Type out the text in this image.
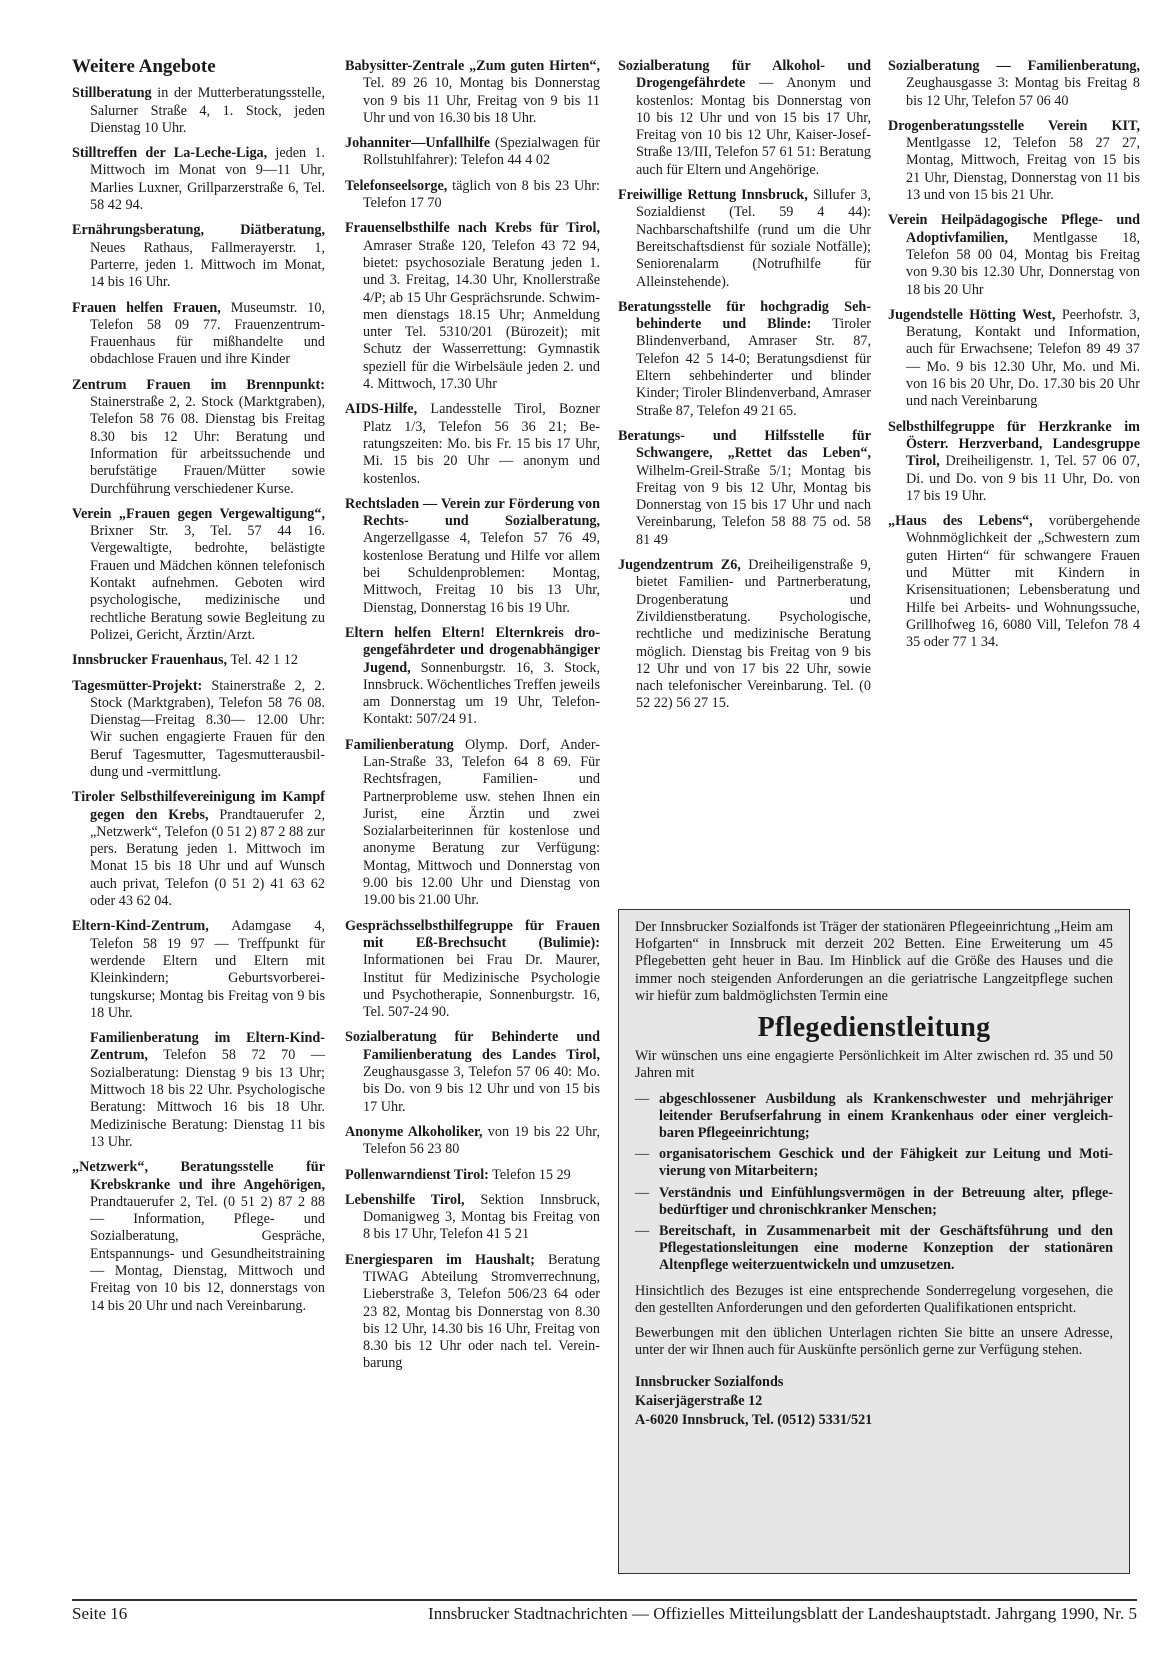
Weitere Angebote
Stillberatung in der Mutterberatungsstelle, Salurner Straße 4, 1. Stock, jeden Dienstag 10 Uhr.
Stilltreffen der La-Leche-Liga, jeden 1. Mittwoch im Monat von 9—11 Uhr, Marlies Luxner, Grillparzerstraße 6, Tel. 58 42 94.
Ernährungsberatung, Diätberatung, Neues Rathaus, Fallmerayerstr. 1, Parterre, jeden 1. Mittwoch im Monat, 14 bis 16 Uhr.
Frauen helfen Frauen, Museumstr. 10, Telefon 58 09 77. Frauenzentrum-Frauenhaus für mißhandelte und obdachlose Frauen und ihre Kinder
Zentrum Frauen im Brennpunkt: Stainerstraße 2, 2. Stock (Marktgraben), Telefon 58 76 08. Dienstag bis Freitag 8.30 bis 12 Uhr: Beratung und Information für arbeitssuchende und berufstätige Frauen/Mütter sowie Durchführung verschiedener Kurse.
Verein „Frauen gegen Vergewaltigung“, Brixner Str. 3, Tel. 57 44 16. Vergewaltigte, bedrohte, belästigte Frauen und Mädchen können telefonisch Kontakt aufnehmen. Geboten wird psychologische, medizinische und rechtliche Beratung sowie Begleitung zu Polizei, Gericht, Ärztin/Arzt.
Innsbrucker Frauenhaus, Tel. 42 1 12
Tagesmütter-Projekt: Stainerstraße 2, 2. Stock (Marktgraben), Telefon 58 76 08. Dienstag—Freitag 8.30— 12.00 Uhr: Wir suchen engagierte Frauen für den Beruf Tagesmutter, Tagesmutterausbildung und -vermittlung.
Tiroler Selbsthilfevereinigung im Kampf gegen den Krebs, Prandtauerufer 2, „Netzwerk“, Telefon (0 51 2) 87 2 88 zur pers. Beratung jeden 1. Mittwoch im Monat 15 bis 18 Uhr und auf Wunsch auch privat, Telefon (0 51 2) 41 63 62 oder 43 62 04.
Eltern-Kind-Zentrum, Adamgase 4, Telefon 58 19 97 — Treffpunkt für werdende Eltern und Eltern mit Kleinkindern; Geburtsvorbereitungskurse; Montag bis Freitag von 9 bis 18 Uhr.
Familienberatung im Eltern-Kind-Zentrum, Telefon 58 72 70 — Sozialberatung: Dienstag 9 bis 13 Uhr; Mittwoch 18 bis 22 Uhr. Psychologische Beratung: Mittwoch 16 bis 18 Uhr. Medizinische Beratung: Dienstag 11 bis 13 Uhr.
„Netzwerk“, Beratungsstelle für Krebskranke und ihre Angehörigen, Prandtauerufer 2, Tel. (0 51 2) 87 2 88 — Information, Pflege- und Sozialberatung, Gespräche, Entspannungs- und Gesundheitstraining — Montag, Dienstag, Mittwoch und Freitag von 10 bis 12, donnerstags von 14 bis 20 Uhr und nach Vereinbarung.
Babysitter-Zentrale „Zum guten Hirten“, Tel. 89 26 10, Montag bis Donnerstag von 9 bis 11 Uhr, Freitag von 9 bis 11 Uhr und von 16.30 bis 18 Uhr.
Johanniter—Unfallhilfe (Spezialwagen für Rollstuhlfahrer): Telefon 44 4 02
Telefonseelsorge, täglich von 8 bis 23 Uhr: Telefon 17 70
Frauenselbsthilfe nach Krebs für Tirol, Amraser Straße 120, Telefon 43 72 94, bietet: psychosoziale Beratung jeden 1. und 3. Freitag, 14.30 Uhr, Knollerstraße 4/P; ab 15 Uhr Gesprächsrunde. Schwimmen dienstags 18.15 Uhr; Anmeldung unter Tel. 5310/201 (Bürozeit); mit Schutz der Wasserrettung: Gymnastik speziell für die Wirbelsäule jeden 2. und 4. Mittwoch, 17.30 Uhr
AIDS-Hilfe, Landesstelle Tirol, Bozner Platz 1/3, Telefon 56 36 21; Beratungszeiten: Mo. bis Fr. 15 bis 17 Uhr, Mi. 15 bis 20 Uhr — anonym und kostenlos.
Rechtsladen — Verein zur Förderung von Rechts- und Sozialberatung, Angerzellgasse 4, Telefon 57 76 49, kostenlose Beratung und Hilfe vor allem bei Schuldenproblemen: Montag, Mittwoch, Freitag 10 bis 13 Uhr, Dienstag, Donnerstag 16 bis 19 Uhr.
Eltern helfen Eltern! Elternkreis drogengefährdeter und drogenabhängiger Jugend, Sonnenburgstr. 16, 3. Stock, Innsbruck. Wöchentliches Treffen jeweils am Donnerstag um 19 Uhr, Telefon-Kontakt: 507/24 91.
Familienberatung Olymp. Dorf, Ander-Lan-Straße 33, Telefon 64 8 69. Für Rechtsfragen, Familien- und Partnerprobleme usw. stehen Ihnen ein Jurist, eine Ärztin und zwei Sozialarbeiterinnen für kostenlose und anonyme Beratung zur Verfügung: Montag, Mittwoch und Donnerstag von 9.00 bis 12.00 Uhr und Dienstag von 19.00 bis 21.00 Uhr.
Gesprächsselbsthilfegruppe für Frauen mit Eß-Brechsucht (Bulimie): Informationen bei Frau Dr. Maurer, Institut für Medizinische Psychologie und Psychotherapie, Sonnenburgstr. 16, Tel. 507-24 90.
Sozialberatung für Behinderte und Familienberatung des Landes Tirol, Zeughausgasse 3, Telefon 57 06 40: Mo. bis Do. von 9 bis 12 Uhr und von 15 bis 17 Uhr.
Anonyme Alkoholiker, von 19 bis 22 Uhr, Telefon 56 23 80
Pollenwarndienst Tirol: Telefon 15 29
Lebenshilfe Tirol, Sektion Innsbruck, Domanigweg 3, Montag bis Freitag von 8 bis 17 Uhr, Telefon 41 5 21
Energiesparen im Haushalt; Beratung TIWAG Abteilung Stromverrechnung, Lieberstraße 3, Telefon 506/23 64 oder 23 82, Montag bis Donnerstag von 8.30 bis 12 Uhr, 14.30 bis 16 Uhr, Freitag von 8.30 bis 12 Uhr oder nach tel. Vereinbarung
Sozialberatung für Alkohol- und Drogengefährdete — Anonym und kostenlos: Montag bis Donnerstag von 10 bis 12 Uhr und von 15 bis 17 Uhr, Freitag von 10 bis 12 Uhr, Kaiser-Josef-Straße 13/III, Telefon 57 61 51: Beratung auch für Eltern und Angehörige.
Freiwillige Rettung Innsbruck, Sillufer 3, Sozialdienst (Tel. 59 4 44): Nachbarschaftshilfe (rund um die Uhr Bereitschaftsdienst für soziale Notfälle); Seniorenalarm (Notrufhilfe für Alleinstehende).
Beratungsstelle für hochgradig Sehbehinderte und Blinde: Tiroler Blindenverband, Amraser Str. 87, Telefon 42 5 14-0; Beratungsdienst für Eltern sehbehinderter und blinder Kinder; Tiroler Blindenverband, Amraser Straße 87, Telefon 49 21 65.
Beratungs- und Hilfsstelle für Schwangere, „Rettet das Leben“, Wilhelm-Greil-Straße 5/1; Montag bis Freitag von 9 bis 12 Uhr, Montag bis Donnerstag von 15 bis 17 Uhr und nach Vereinbarung, Telefon 58 88 75 od. 58 81 49
Jugendzentrum Z6, Dreiheiligenstraße 9, bietet Familien- und Partnerberatung, Drogenberatung und Zivildienstberatung. Psychologische, rechtliche und medizinische Beratung möglich. Dienstag bis Freitag von 9 bis 12 Uhr und von 17 bis 22 Uhr, sowie nach telefonischer Vereinbarung. Tel. (0 52 22) 56 27 15.
Sozialberatung — Familienberatung, Zeughausgasse 3: Montag bis Freitag 8 bis 12 Uhr, Telefon 57 06 40
Drogenberatungsstelle Verein KIT, Mentlgasse 12, Telefon 58 27 27, Montag, Mittwoch, Freitag von 15 bis 21 Uhr, Dienstag, Donnerstag von 11 bis 13 und von 15 bis 21 Uhr.
Verein Heilpädagogische Pflege- und Adoptivfamilien, Mentlgasse 18, Telefon 58 00 04, Montag bis Freitag von 9.30 bis 12.30 Uhr, Donnerstag von 18 bis 20 Uhr
Jugendstelle Hötting West, Peerhofstr. 3, Beratung, Kontakt und Information, auch für Erwachsene; Telefon 89 49 37 — Mo. 9 bis 12.30 Uhr, Mo. und Mi. von 16 bis 20 Uhr, Do. 17.30 bis 20 Uhr und nach Vereinbarung
Selbsthilfegruppe für Herzkranke im Österr. Herzverband, Landesgruppe Tirol, Dreiheiligenstr. 1, Tel. 57 06 07, Di. und Do. von 9 bis 11 Uhr, Do. von 17 bis 19 Uhr.
„Haus des Lebens“, vorübergehende Wohnmöglichkeit der „Schwestern zum guten Hirten“ für schwangere Frauen und Mütter mit Kindern in Krisensituationen; Lebensberatung und Hilfe bei Arbeits- und Wohnungssuche, Grillhofweg 16, 6080 Vill, Telefon 78 4 35 oder 77 1 34.

Der Innsbrucker Sozialfonds ist Träger der stationären Pflegeeinrichtung „Heim am Hofgarten“ in Innsbruck mit derzeit 202 Betten. Eine Erweiterung um 45 Pflegebetten geht heuer in Bau. Im Hinblick auf die Größe des Hauses und die immer noch steigenden Anforderungen an die geriatrische Langzeitpflege suchen wir hiefür zum baldmöglichsten Termin eine

Pflegedienstleitung

Wir wünschen uns eine engagierte Persönlichkeit im Alter zwischen rd. 35 und 50 Jahren mit

— abgeschlossener Ausbildung als Krankenschwester und mehrjähriger leitender Berufserfahrung in einem Krankenhaus oder einer vergleichbaren Pflegeeinrichtung;
— organisatorischem Geschick und der Fähigkeit zur Leitung und Motivierung von Mitarbeitern;
— Verständnis und Einfühlungsvermögen in der Betreuung alter, pflegebedürftiger und chronischkranker Menschen;
— Bereitschaft, in Zusammenarbeit mit der Geschäftsführung und den Pflegestationsleitungen eine moderne Konzeption der stationären Altenpflege weiterzuentwickeln und umzusetzen.

Hinsichtlich des Bezuges ist eine entsprechende Sonderregelung vorgesehen, die den gestellten Anforderungen und den geforderten Qualifikationen entspricht.

Bewerbungen mit den üblichen Unterlagen richten Sie bitte an unsere Adresse, unter der wir Ihnen auch für Auskünfte persönlich gerne zur Verfügung stehen.

Innsbrucker Sozialfonds
Kaiserjägerstraße 12
A-6020 Innsbruck, Tel. (0512) 5331/521
Seite 16	Innsbrucker Stadtnachrichten — Offizielles Mitteilungsblatt der Landeshauptstadt. Jahrgang 1990, Nr. 5
